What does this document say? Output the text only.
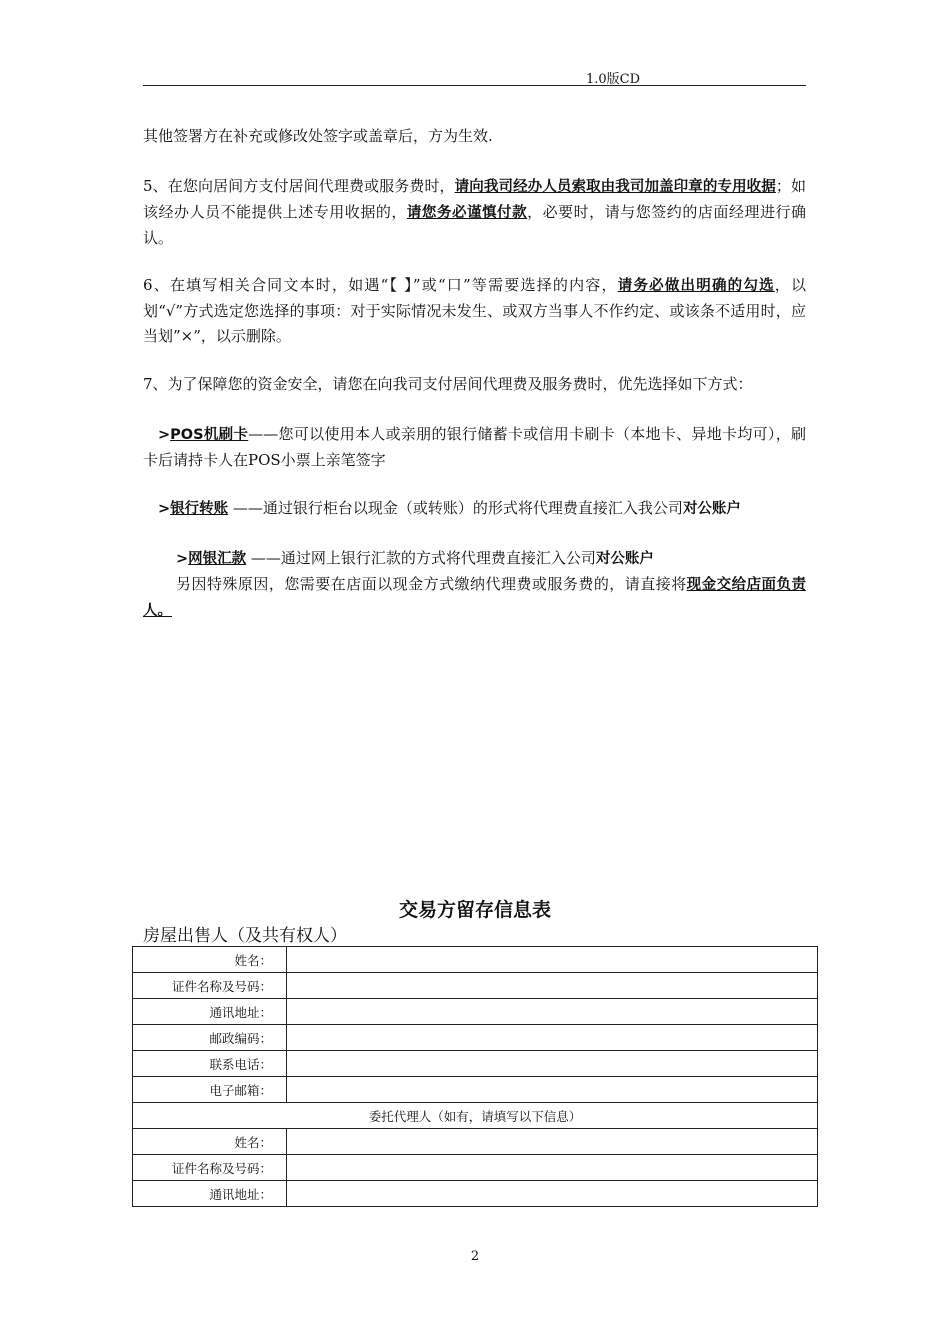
1.0版CD

其他签署方在补充或修改处签字或盖章后，方为生效.

5、在您向居间方支付居间代理费或服务费时，请向我司经办人员索取由我司加盖印章的专用收据；如该经办人员不能提供上述专用收据的，请您务必谨慎付款，必要时，请与您签约的店面经理进行确认。

6、在填写相关合同文本时，如遇“【 】”或“口”等需要选择的内容，请务必做出明确的勾选，以划“√”方式选定您选择的事项：对于实际情况未发生、或双方当事人不作约定、或该条不适用时，应当划”×”，以示删除。

7、为了保障您的资金安全，请您在向我司支付居间代理费及服务费时，优先选择如下方式：

>POS机刷卡——您可以使用本人或亲朋的银行储蓄卡或信用卡刷卡（本地卡、异地卡均可），刷卡后请持卡人在POS小票上亲笔签字

>银行转账 ——通过银行柜台以现金（或转账）的形式将代理费直接汇入我公司对公账户

>网银汇款 ——通过网上银行汇款的方式将代理费直接汇入公司对公账户

另因特殊原因，您需要在店面以现金方式缴纳代理费或服务费的，请直接将现金交给店面负责人。

交易方留存信息表
房屋出售人（及共有权人）
姓名：	
证件名称及号码：	
通讯地址：	
邮政编码：	
联系电话：	
电子邮箱：	
委托代理人（如有，请填写以下信息）	
姓名：	
证件名称及号码：	
通讯地址：	
2
